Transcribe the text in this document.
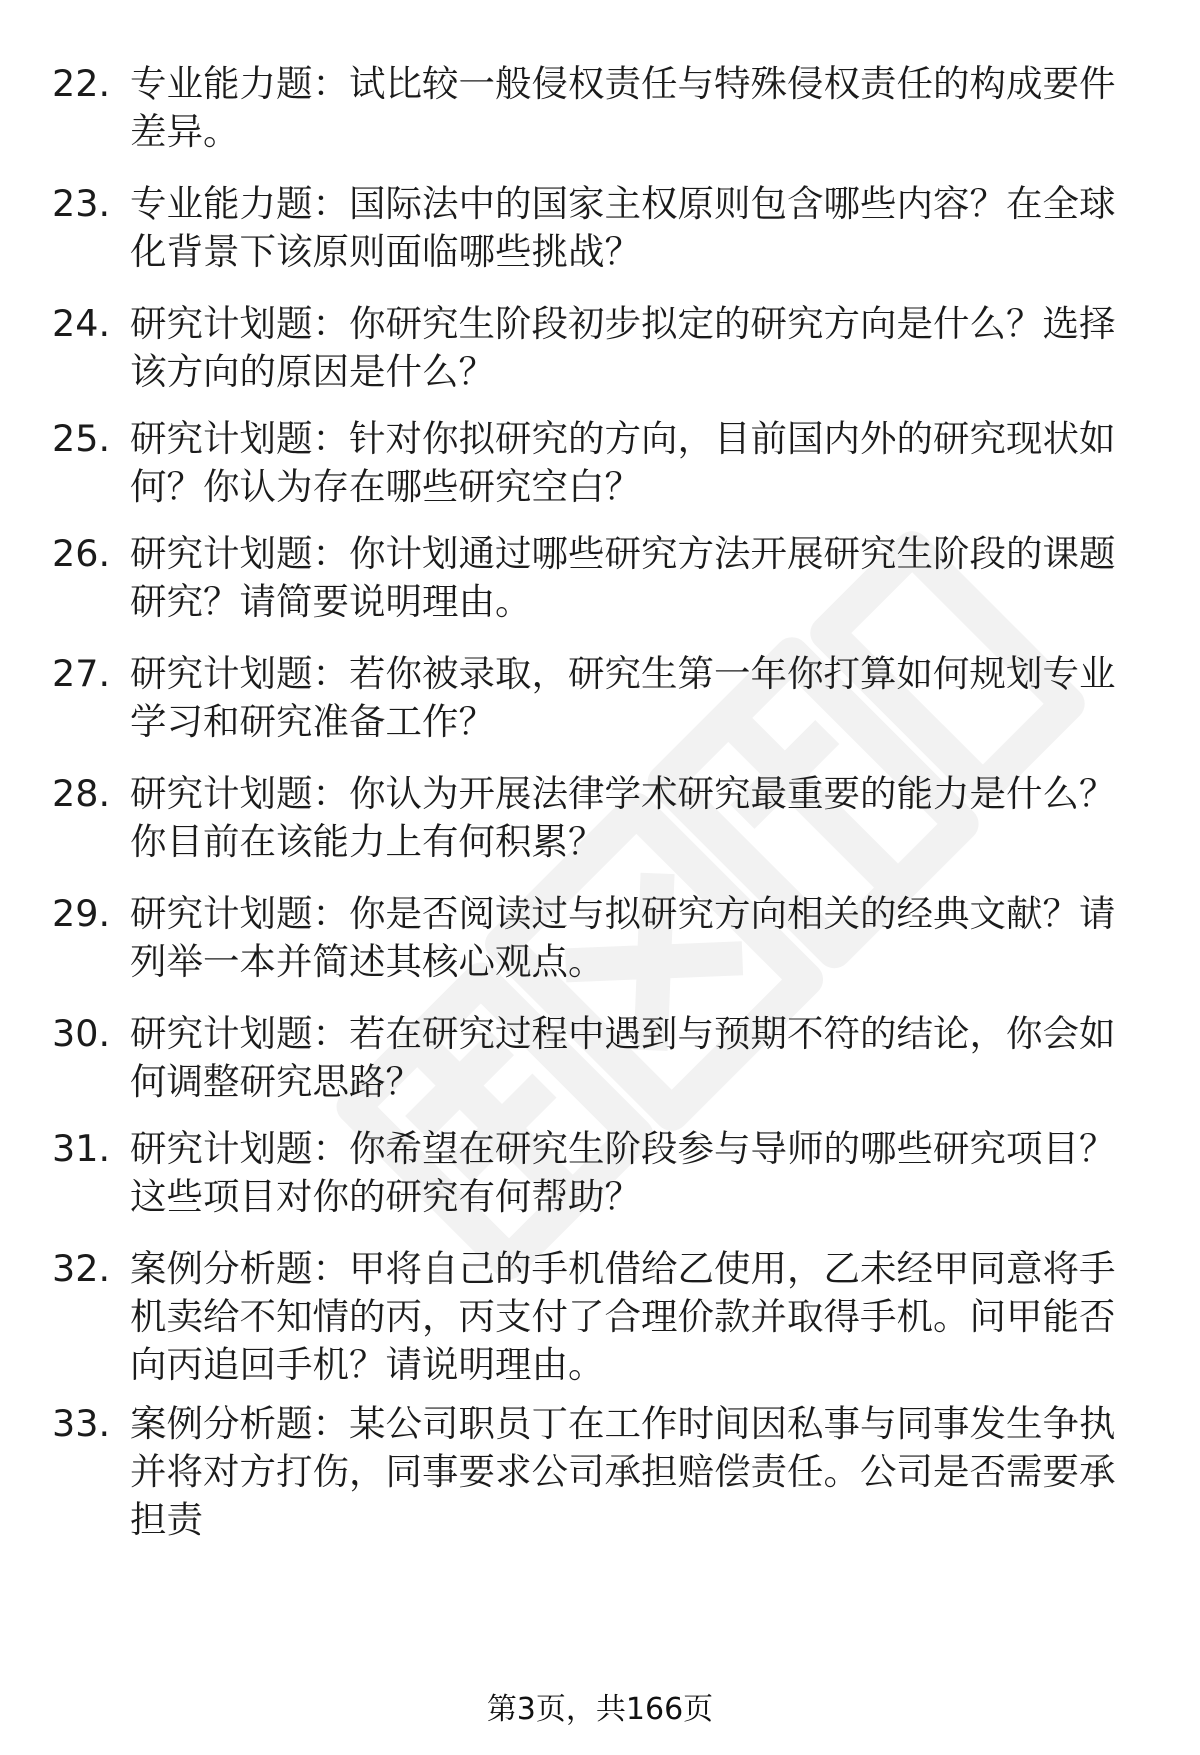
22. 专业能力题：试比较一般侵权责任与特殊侵权责任的构成要件差异。
23. 专业能力题：国际法中的国家主权原则包含哪些内容？在全球化背景下该原则面临哪些挑战？
24. 研究计划题：你研究生阶段初步拟定的研究方向是什么？选择该方向的原因是什么？
25. 研究计划题：针对你拟研究的方向，目前国内外的研究现状如何？你认为存在哪些研究空白？
26. 研究计划题：你计划通过哪些研究方法开展研究生阶段的课题研究？请简要说明理由。
27. 研究计划题：若你被录取，研究生第一年你打算如何规划专业学习和研究准备工作？
28. 研究计划题：你认为开展法律学术研究最重要的能力是什么？你目前在该能力上有何积累？
29. 研究计划题：你是否阅读过与拟研究方向相关的经典文献？请列举一本并简述其核心观点。
30. 研究计划题：若在研究过程中遇到与预期不符的结论，你会如何调整研究思路？
31. 研究计划题：你希望在研究生阶段参与导师的哪些研究项目？这些项目对你的研究有何帮助？
32. 案例分析题：甲将自己的手机借给乙使用，乙未经甲同意将手机卖给不知情的丙，丙支付了合理价款并取得手机。问甲能否向丙追回手机？请说明理由。
33. 案例分析题：某公司职员丁在工作时间因私事与同事发生争执并将对方打伤，同事要求公司承担赔偿责任。公司是否需要承担责
第3页，共166页
